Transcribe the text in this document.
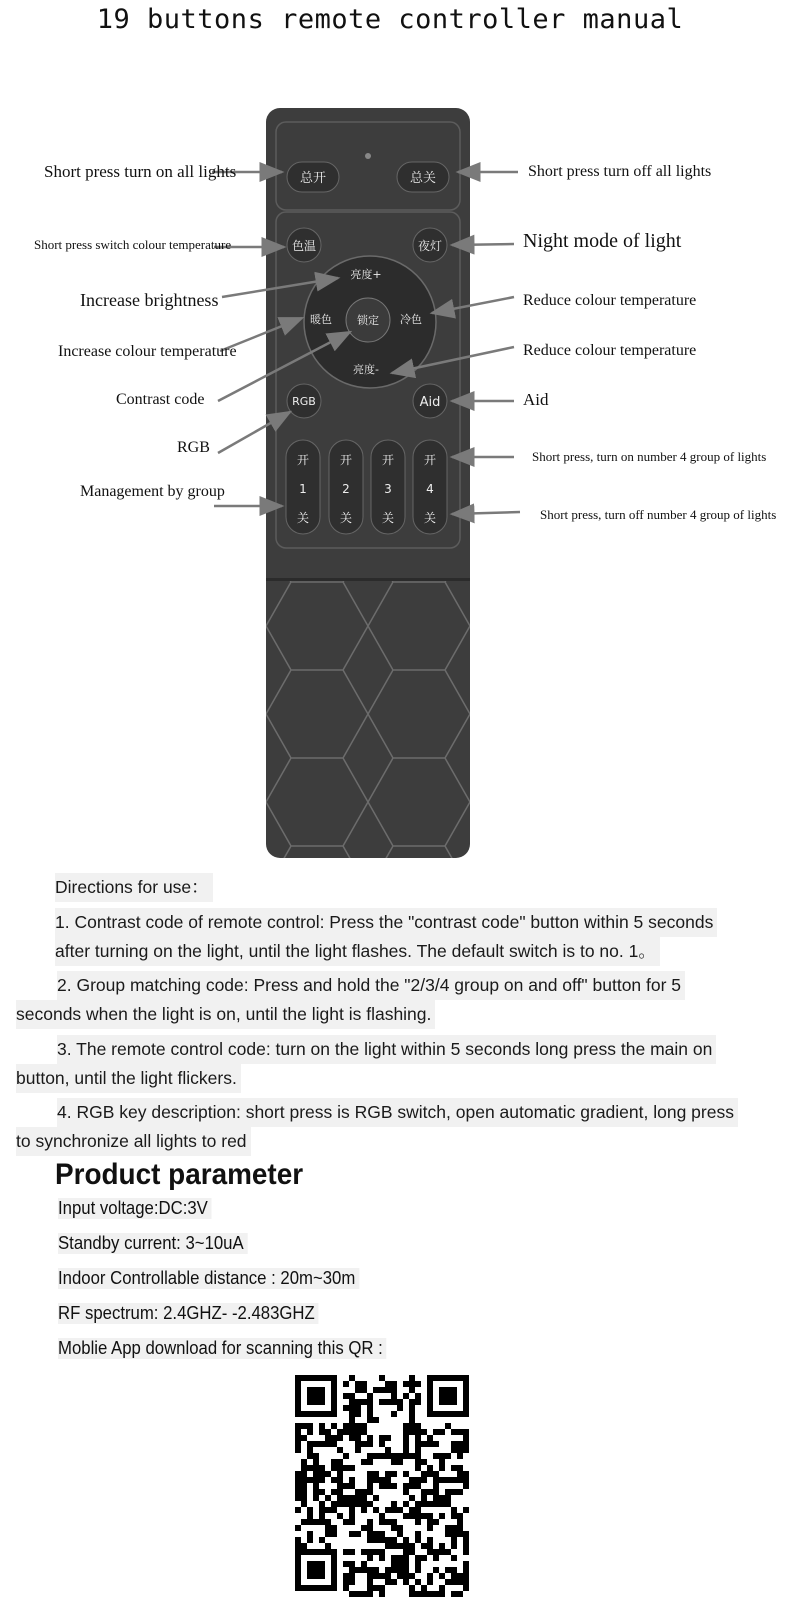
19 buttons remote controller manual
总开	总关
色温	夜灯
锁定
亮度+
亮度-
暖色	冷色
RGB	Aid
开
1
关
开
2
关
开
3
关
开
4
关
Short press turn on all lights
Short press switch colour temperature
Increase brightness
Increase colour temperature
Contrast code
RGB
Management by group
Short press turn off all lights
Night mode of light
Reduce colour temperature
Reduce colour temperature
Aid
Short press, turn on number 4 group of lights
Short press, turn off number 4 group of lights
Directions for use：
1. Contrast code of remote control: Press the "contrast code" button within 5 seconds
after turning on the light, until the light flashes. The default switch is to no. 1。
2. Group matching code: Press and hold the "2/3/4 group on and off" button for 5
seconds when the light is on, until the light is flashing.
3. The remote control code: turn on the light within 5 seconds long press the main on
button, until the light flickers.
4. RGB key description: short press is RGB switch, open automatic gradient, long press
to synchronize all lights to red
Product parameter
Input voltage:DC:3V
Standby current: 3~10uA
Indoor Controllable distance : 20m~30m
RF spectrum: 2.4GHZ- -2.483GHZ
Moblie App download for scanning this QR :
